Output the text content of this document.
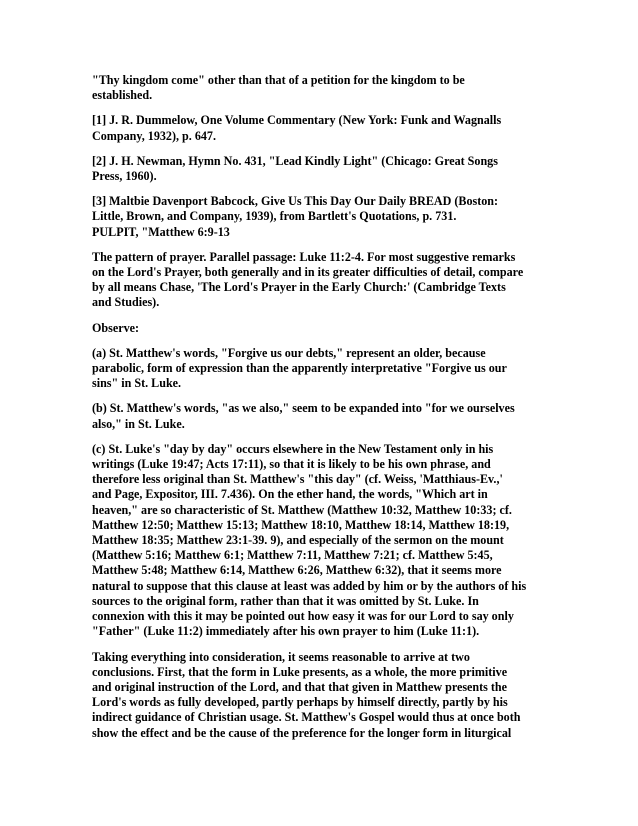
"Thy kingdom come" other than that of a petition for the kingdom to be
established.

[1] J. R. Dummelow, One Volume Commentary (New York: Funk and Wagnalls
Company, 1932), p. 647.

[2] J. H. Newman, Hymn No. 431, "Lead Kindly Light" (Chicago: Great Songs
Press, 1960).

[3] Maltbie Davenport Babcock, Give Us This Day Our Daily BREAD (Boston:
Little, Brown, and Company, 1939), from Bartlett's Quotations, p. 731.
PULPIT, "Matthew 6:9-13

The pattern of prayer. Parallel passage: Luke 11:2-4. For most suggestive remarks
on the Lord's Prayer, both generally and in its greater difficulties of detail, compare
by all means Chase, 'The Lord's Prayer in the Early Church:' (Cambridge Texts
and Studies).

Observe:

(a) St. Matthew's words, "Forgive us our debts," represent an older, because
parabolic, form of expression than the apparently interpretative "Forgive us our
sins" in St. Luke.

(b) St. Matthew's words, "as we also," seem to be expanded into "for we ourselves
also," in St. Luke.

(c) St. Luke's "day by day" occurs elsewhere in the New Testament only in his
writings (Luke 19:47; Acts 17:11), so that it is likely to be his own phrase, and
therefore less original than St. Matthew's "this day" (cf. Weiss, 'Matthiaus-Ev.,'
and Page, Expositor, III. 7.436). On the ether hand, the words, "Which art in
heaven," are so characteristic of St. Matthew (Matthew 10:32, Matthew 10:33; cf.
Matthew 12:50; Matthew 15:13; Matthew 18:10, Matthew 18:14, Matthew 18:19,
Matthew 18:35; Matthew 23:1-39. 9), and especially of the sermon on the mount
(Matthew 5:16; Matthew 6:1; Matthew 7:11, Matthew 7:21; cf. Matthew 5:45,
Matthew 5:48; Matthew 6:14, Matthew 6:26, Matthew 6:32), that it seems more
natural to suppose that this clause at least was added by him or by the authors of his
sources to the original form, rather than that it was omitted by St. Luke. In
connexion with this it may be pointed out how easy it was for our Lord to say only
"Father" (Luke 11:2) immediately after his own prayer to him (Luke 11:1).

Taking everything into consideration, it seems reasonable to arrive at two
conclusions. First, that the form in Luke presents, as a whole, the more primitive
and original instruction of the Lord, and that that given in Matthew presents the
Lord's words as fully developed, partly perhaps by himself directly, partly by his
indirect guidance of Christian usage. St. Matthew's Gospel would thus at once both
show the effect and be the cause of the preference for the longer form in liturgical
